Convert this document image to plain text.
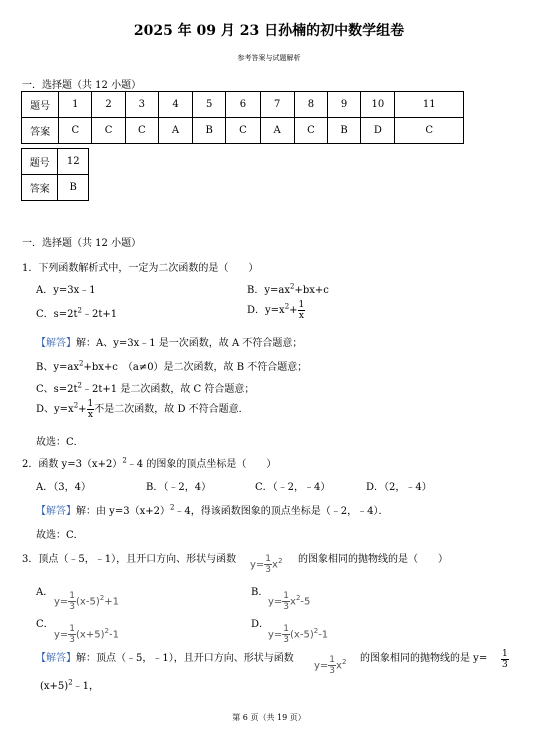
2025 年 09 月 23 日孙楠的初中数学组卷
参考答案与试题解析
一．选择题（共 12 小题）
题号	1	2	3	4	5	6	7	8	9	10	11
答案	C	C	C	A	B	C	A	C	B	D	C
题号	12
答案	B
一．选择题（共 12 小题）
1．下列函数解析式中，一定为二次函数的是（　　）
A．y=3x﹣1	B．$y=ax^2+bx+c$
C．$s=2t^2﹣2t+1$	D．$y=x^2+ \frac{1}{x}$
【解答】解：A、y=3x﹣1 是一次函数，故 A 不符合题意；
B、$y=ax^2+bx+c$　（a≠0）是二次函数，故 B 不符合题意；
C、$s=2t^2﹣2t+1$ 是二次函数，故 C 符合题意；
D、$y=x^2+ \frac{1}{x}$ 不是二次函数，故 D 不符合题意．
故选：C．
2．函数 $y=3(x+2)^2﹣4$ 的图象的顶点坐标是（　　）
A．（3，4）	B．（﹣2，4）	C．（﹣2，﹣4）	D．（2，﹣4）
【解答】解：由 $y=3(x+2)^2﹣4$，得该函数图象的顶点坐标是（﹣2，﹣4）．
故选：C．
3．顶点（﹣5，﹣1），且开口方向、形状与函数 $y= \frac{1}{3} x^2$ 的图象相同的抛物线的是（　　）
A．
$y= \frac{1}{3} (x-5)^2+1$
B．
$y= \frac{1}{3} x^2-5$
C．
$y= \frac{1}{3} (x+5)^2-1$
D．
$y= \frac{1}{3} (x-5)^2-1$
【解答】解：顶点（﹣5，﹣1），且开口方向、形状与函数
$y= \frac{1}{3} x^2$ 的图象相同的抛物线的是 $y= \frac{1}{3}$
$(x+5)^2﹣1$，
第 6 页（共 19 页）
